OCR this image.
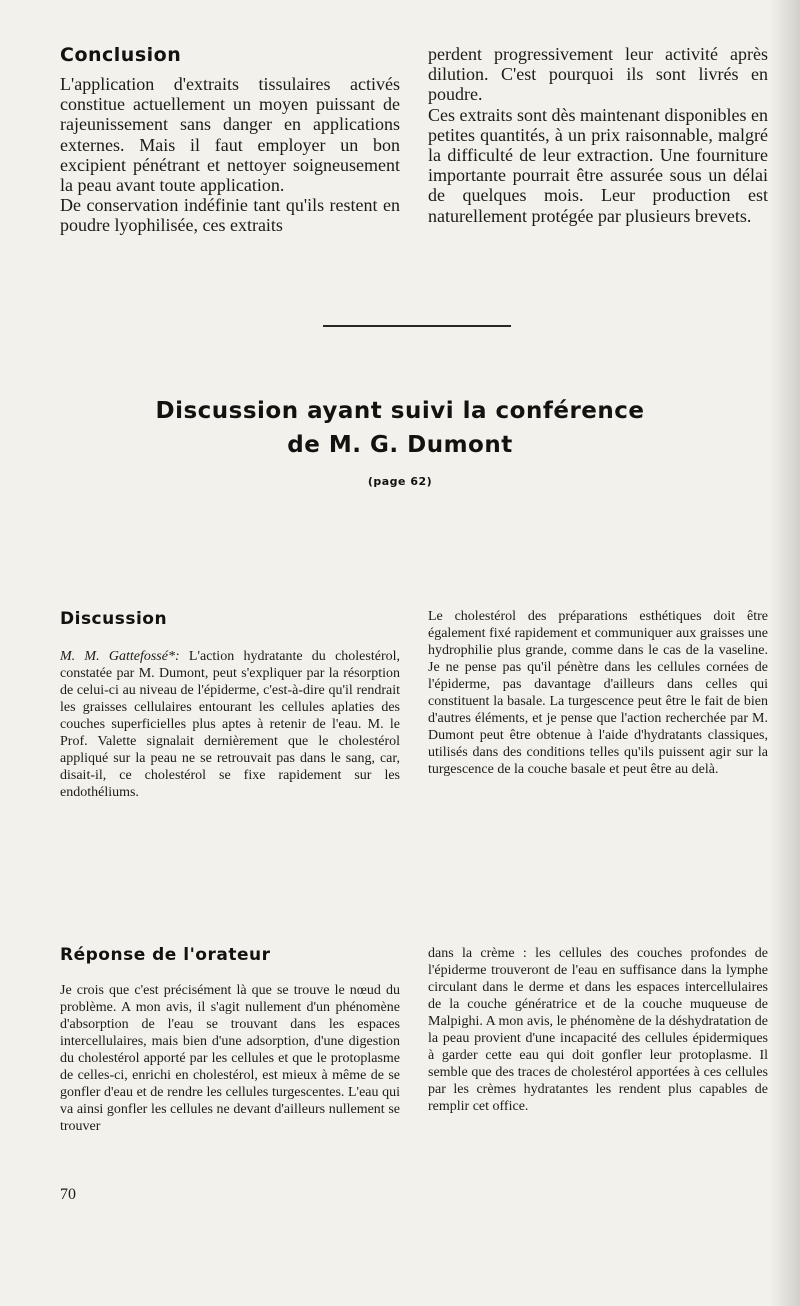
Conclusion
L'application d'extraits tissulaires activés constitue actuellement un moyen puissant de rajeunissement sans danger en applications externes. Mais il faut employer un bon excipient pénétrant et nettoyer soigneusement la peau avant toute application.
De conservation indéfinie tant qu'ils restent en poudre lyophilisée, ces extraits
perdent progressivement leur activité après dilution. C'est pourquoi ils sont livrés en poudre.
Ces extraits sont dès maintenant disponibles en petites quantités, à un prix raisonnable, malgré la difficulté de leur extraction. Une fourniture importante pourrait être assurée sous un délai de quelques mois. Leur production est naturellement protégée par plusieurs brevets.
Discussion ayant suivi la conférence
de M. G. Dumont
(page 62)
Discussion
M. M. Gattefossé*: L'action hydratante du cholestérol, constatée par M. Dumont, peut s'expliquer par la résorption de celui-ci au niveau de l'épiderme, c'est-à-dire qu'il rendrait les graisses cellulaires entourant les cellules aplaties des couches superficielles plus aptes à retenir de l'eau. M. le Prof. Valette signalait dernièrement que le cholestérol appliqué sur la peau ne se retrouvait pas dans le sang, car, disait-il, ce cholestérol se fixe rapidement sur les endothéliums.
Le cholestérol des préparations esthétiques doit être également fixé rapidement et communiquer aux graisses une hydrophilie plus grande, comme dans le cas de la vaseline. Je ne pense pas qu'il pénètre dans les cellules cornées de l'épiderme, pas davantage d'ailleurs dans celles qui constituent la basale. La turgescence peut être le fait de bien d'autres éléments, et je pense que l'action recherchée par M. Dumont peut être obtenue à l'aide d'hydratants classiques, utilisés dans des conditions telles qu'ils puissent agir sur la turgescence de la couche basale et peut être au delà.
Réponse de l'orateur
Je crois que c'est précisément là que se trouve le nœud du problème. A mon avis, il s'agit nullement d'un phénomène d'absorption de l'eau se trouvant dans les espaces intercellulaires, mais bien d'une adsorption, d'une digestion du cholestérol apporté par les cellules et que le protoplasme de celles-ci, enrichi en cholestérol, est mieux à même de se gonfler d'eau et de rendre les cellules turgescentes. L'eau qui va ainsi gonfler les cellules ne devant d'ailleurs nullement se trouver
dans la crème : les cellules des couches profondes de l'épiderme trouveront de l'eau en suffisance dans la lymphe circulant dans le derme et dans les espaces intercellulaires de la couche génératrice et de la couche muqueuse de Malpighi. A mon avis, le phénomène de la déshydratation de la peau provient d'une incapacité des cellules épidermiques à garder cette eau qui doit gonfler leur protoplasme. Il semble que des traces de cholestérol apportées à ces cellules par les crèmes hydratantes les rendent plus capables de remplir cet office.
70
